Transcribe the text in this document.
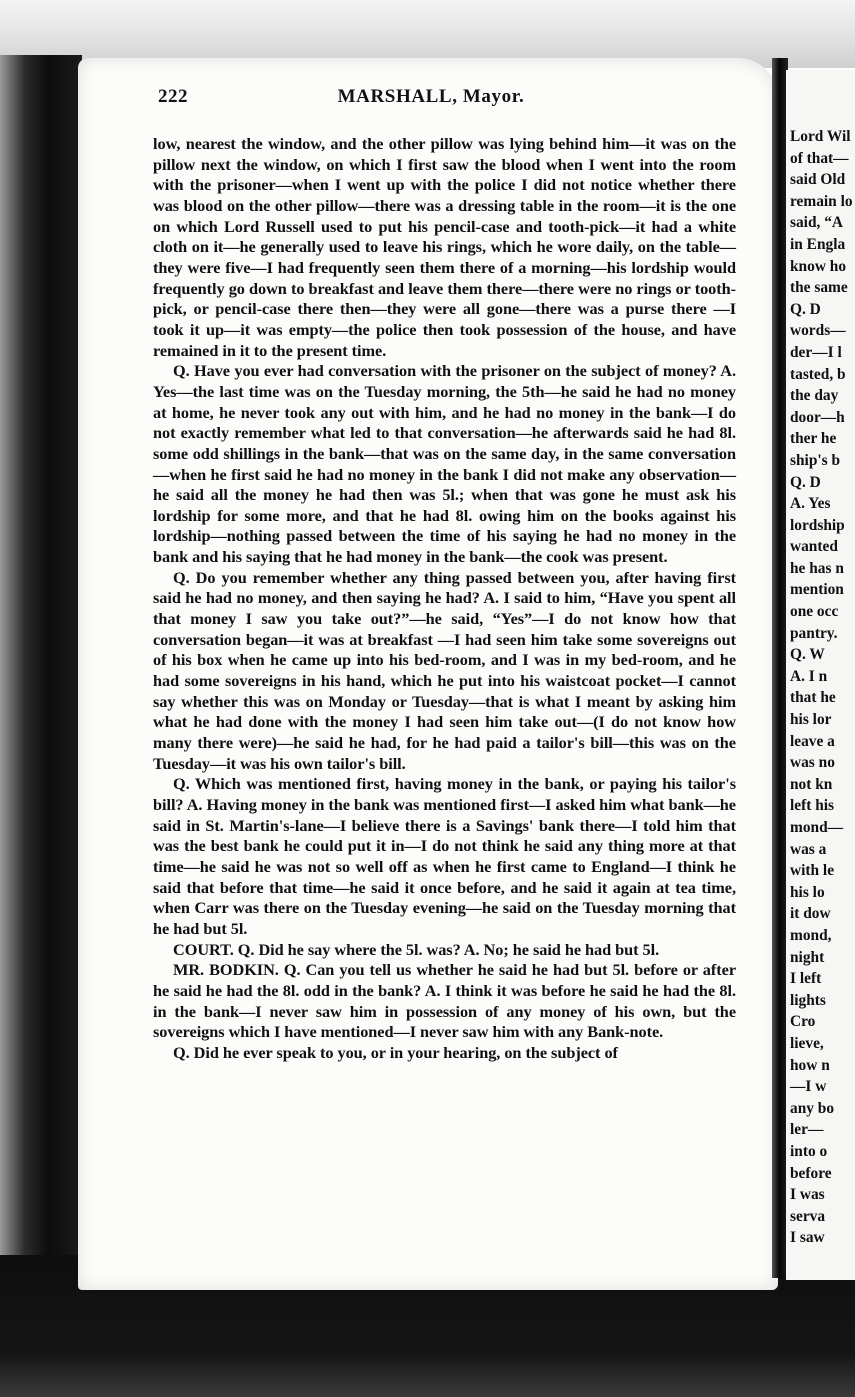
Lord Wil
of that—
said Old
remain lo
said, “A
in Engla
know ho
the same
Q. D
words—
der—I l
tasted, b
the day
door—h
ther he
ship's b
Q. D
A. Yes
lordship
wanted
he has n
mention
one occ
pantry.
Q. W
A. I n
that he
his lor
leave a
was no
not kn
left his
mond—
was a
with le
his lo
it dow
mond,
night
I left
lights
Cro
lieve,
how n
—I w
any bo
ler—
into o
before
I was
serva
I saw
222	MARSHALL, Mayor.

low, nearest the window, and the other pillow was lying behind him—it was on the pillow next the window, on which I first saw the blood when I went into the room with the prisoner—when I went up with the police I did not notice whether there was blood on the other pillow—there was a dressing table in the room—it is the one on which Lord Russell used to put his pencil-case and tooth-pick—it had a white cloth on it—he generally used to leave his rings, which he wore daily, on the table—they were five—I had frequently seen them there of a morning—his lordship would frequently go down to breakfast and leave them there—there were no rings or tooth-pick, or pencil-case there then—they were all gone—there was a purse there —I took it up—it was empty—the police then took possession of the house, and have remained in it to the present time.

Q. Have you ever had conversation with the prisoner on the subject of money? A. Yes—the last time was on the Tuesday morning, the 5th—he said he had no money at home, he never took any out with him, and he had no money in the bank—I do not exactly remember what led to that conversation—he afterwards said he had 8l. some odd shillings in the bank—that was on the same day, in the same conversation—when he first said he had no money in the bank I did not make any observation—he said all the money he had then was 5l.; when that was gone he must ask his lordship for some more, and that he had 8l. owing him on the books against his lordship—nothing passed between the time of his saying he had no money in the bank and his saying that he had money in the bank—the cook was present.

Q. Do you remember whether any thing passed between you, after having first said he had no money, and then saying he had? A. I said to him, “Have you spent all that money I saw you take out?”—he said, “Yes”—I do not know how that conversation began—it was at breakfast —I had seen him take some sovereigns out of his box when he came up into his bed-room, and I was in my bed-room, and he had some sovereigns in his hand, which he put into his waistcoat pocket—I cannot say whether this was on Monday or Tuesday—that is what I meant by asking him what he had done with the money I had seen him take out—(I do not know how many there were)—he said he had, for he had paid a tailor's bill—this was on the Tuesday—it was his own tailor's bill.

Q. Which was mentioned first, having money in the bank, or paying his tailor's bill? A. Having money in the bank was mentioned first—I asked him what bank—he said in St. Martin's-lane—I believe there is a Savings' bank there—I told him that was the best bank he could put it in—I do not think he said any thing more at that time—he said he was not so well off as when he first came to England—I think he said that before that time—he said it once before, and he said it again at tea time, when Carr was there on the Tuesday evening—he said on the Tuesday morning that he had but 5l.

COURT. Q. Did he say where the 5l. was? A. No; he said he had but 5l.

MR. BODKIN. Q. Can you tell us whether he said he had but 5l. before or after he said he had the 8l. odd in the bank? A. I think it was before he said he had the 8l. in the bank—I never saw him in possession of any money of his own, but the sovereigns which I have mentioned—I never saw him with any Bank-note.

Q. Did he ever speak to you, or in your hearing, on the subject of
